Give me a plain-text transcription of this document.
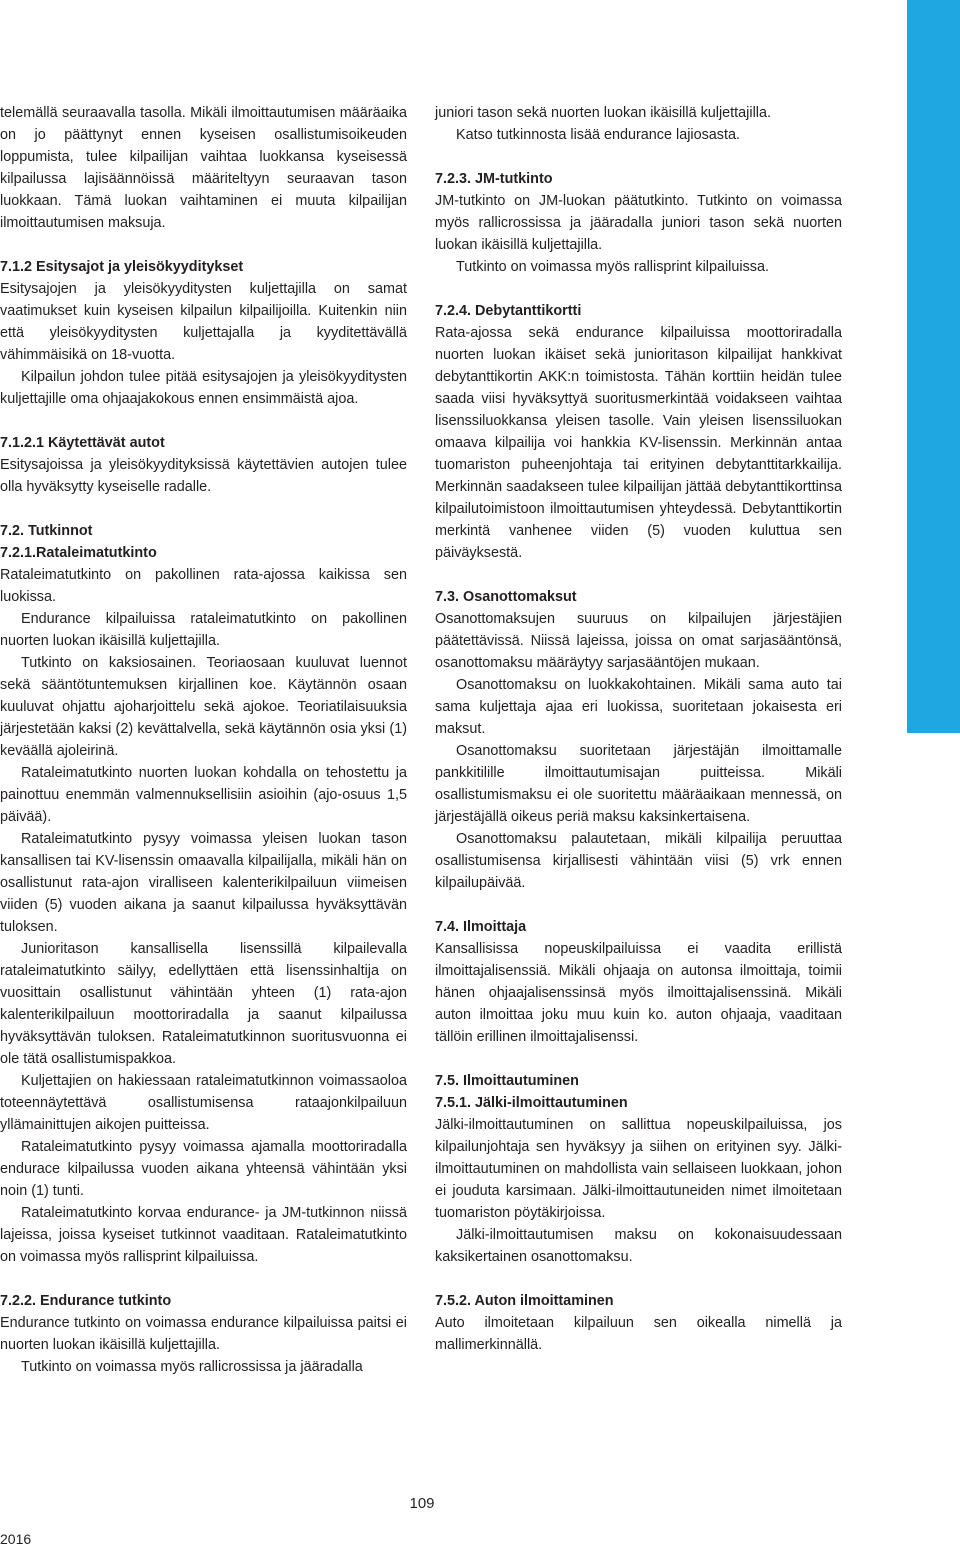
telemällä seuraavalla tasolla. Mikäli ilmoittautumisen määräaika on jo päättynyt ennen kyseisen osallistumisoikeuden loppumista, tulee kilpailijan vaihtaa luokkansa kyseisessä kilpailussa lajisäännöissä määriteltyyn seuraavan tason luokkaan. Tämä luokan vaihtaminen ei muuta kilpailijan ilmoittautumisen maksuja.

7.1.2 Esitysajot ja yleisökyyditykset

Esitysajojen ja yleisökyyditysten kuljettajilla on samat vaatimukset kuin kyseisen kilpailun kilpailijoilla. Kuitenkin niin että yleisökyyditysten kuljettajalla ja kyyditettävällä vähimmäisikä on 18-vuotta.

Kilpailun johdon tulee pitää esitysajojen ja yleisökyyditysten kuljettajille oma ohjaajakokous ennen ensimmäistä ajoa.

7.1.2.1 Käytettävät autot

Esitysajoissa ja yleisökyydityksissä käytettävien autojen tulee olla hyväksytty kyseiselle radalle.

7.2. Tutkinnot
7.2.1.Rataleimatutkinto

Rataleimatutkinto on pakollinen rata-ajossa kaikissa sen luokissa.

Endurance kilpailuissa rataleimatutkinto on pakollinen nuorten luokan ikäisillä kuljettajilla.

Tutkinto on kaksiosainen. Teoriaosaan kuuluvat luennot sekä sääntötuntemuksen kirjallinen koe. Käytännön osaan kuuluvat ohjattu ajoharjoittelu sekä ajokoe. Teoriatilaisuuksia järjestetään kaksi (2) kevättalvella, sekä käytännön osia yksi (1) keväällä ajoleirinä.

Rataleimatutkinto nuorten luokan kohdalla on tehostettu ja painottuu enemmän valmennuksellisiin asioihin (ajo-osuus 1,5 päivää).

Rataleimatutkinto pysyy voimassa yleisen luokan tason kansallisen tai KV-lisenssin omaavalla kilpailijalla, mikäli hän on osallistunut rata-ajon viralliseen kalenterikilpailuun viimeisen viiden (5) vuoden aikana ja saanut kilpailussa hyväksyttävän tuloksen.

Junioritason kansallisella lisenssillä kilpailevalla rataleimatutkinto säilyy, edellyttäen että lisenssinhaltija on vuosittain osallistunut vähintään yhteen (1) rata-ajon kalenterikilpailuun moottoriradalla ja saanut kilpailussa hyväksyttävän tuloksen. Rataleimatutkinnon suoritusvuonna ei ole tätä osallistumispakkoa.

Kuljettajien on hakiessaan rataleimatutkinnon voimassaoloa toteennäytettävä osallistumisensa rataajonkilpailuun yllämainittujen aikojen puitteissa.

Rataleimatutkinto pysyy voimassa ajamalla moottoriradalla endurace kilpailussa vuoden aikana yhteensä vähintään yksi noin (1) tunti.

Rataleimatutkinto korvaa endurance- ja JM-tutkinnon niissä lajeissa, joissa kyseiset tutkinnot vaaditaan. Rataleimatutkinto on voimassa myös rallisprint kilpailuissa.

7.2.2. Endurance tutkinto

Endurance tutkinto on voimassa endurance kilpailuissa paitsi ei nuorten luokan ikäisillä kuljettajilla.

Tutkinto on voimassa myös rallicrossissa ja jääradalla

juniori tason sekä nuorten luokan ikäisillä kuljettajilla.

Katso tutkinnosta lisää endurance lajiosasta.

7.2.3. JM-tutkinto

JM-tutkinto on JM-luokan päätutkinto. Tutkinto on voimassa myös rallicrossissa ja jääradalla juniori tason sekä nuorten luokan ikäisillä kuljettajilla.

Tutkinto on voimassa myös rallisprint kilpailuissa.

7.2.4. Debytanttikortti

Rata-ajossa sekä endurance kilpailuissa moottoriradalla nuorten luokan ikäiset sekä junioritason kilpailijat hankkivat debytanttikortin AKK:n toimistosta. Tähän korttiin heidän tulee saada viisi hyväksyttyä suoritusmerkintää voidakseen vaihtaa lisenssiluokkansa yleisen tasolle. Vain yleisen lisenssiluokan omaava kilpailija voi hankkia KV-lisenssin. Merkinnän antaa tuomariston puheenjohtaja tai erityinen debytanttitarkkailija. Merkinnän saadakseen tulee kilpailijan jättää debytanttikorttinsa kilpailutoimistoon ilmoittautumisen yhteydessä. Debytanttikortin merkintä vanhenee viiden (5) vuoden kuluttua sen päiväyksestä.

7.3. Osanottomaksut

Osanottomaksujen suuruus on kilpailujen järjestäjien päätettävissä. Niissä lajeissa, joissa on omat sarjasääntönsä, osanottomaksu määräytyy sarjasääntöjen mukaan.

Osanottomaksu on luokkakohtainen. Mikäli sama auto tai sama kuljettaja ajaa eri luokissa, suoritetaan jokaisesta eri maksut.

Osanottomaksu suoritetaan järjestäjän ilmoittamalle pankkitilille ilmoittautumisajan puitteissa. Mikäli osallistumismaksu ei ole suoritettu määräaikaan mennessä, on järjestäjällä oikeus periä maksu kaksinkertaisena.

Osanottomaksu palautetaan, mikäli kilpailija peruuttaa osallistumisensa kirjallisesti vähintään viisi (5) vrk ennen kilpailupäivää.

7.4. Ilmoittaja

Kansallisissa nopeuskilpailuissa ei vaadita erillistä ilmoittajalisenssiä. Mikäli ohjaaja on autonsa ilmoittaja, toimii hänen ohjaajalisenssinsä myös ilmoittajalisenssinä. Mikäli auton ilmoittaa joku muu kuin ko. auton ohjaaja, vaaditaan tällöin erillinen ilmoittajalisenssi.

7.5. Ilmoittautuminen
7.5.1. Jälki-ilmoittautuminen

Jälki-ilmoittautuminen on sallittua nopeuskilpailuissa, jos kilpailunjohtaja sen hyväksyy ja siihen on erityinen syy. Jälki-ilmoittautuminen on mahdollista vain sellaiseen luokkaan, johon ei jouduta karsimaan. Jälki-ilmoittautuneiden nimet ilmoitetaan tuomariston pöytäkirjoissa.

Jälki-ilmoittautumisen maksu on kokonaisuudessaan kaksikertainen osanottomaksu.

7.5.2. Auton ilmoittaminen

Auto ilmoitetaan kilpailuun sen oikealla nimellä ja mallimerkinnällä.

109
2016
